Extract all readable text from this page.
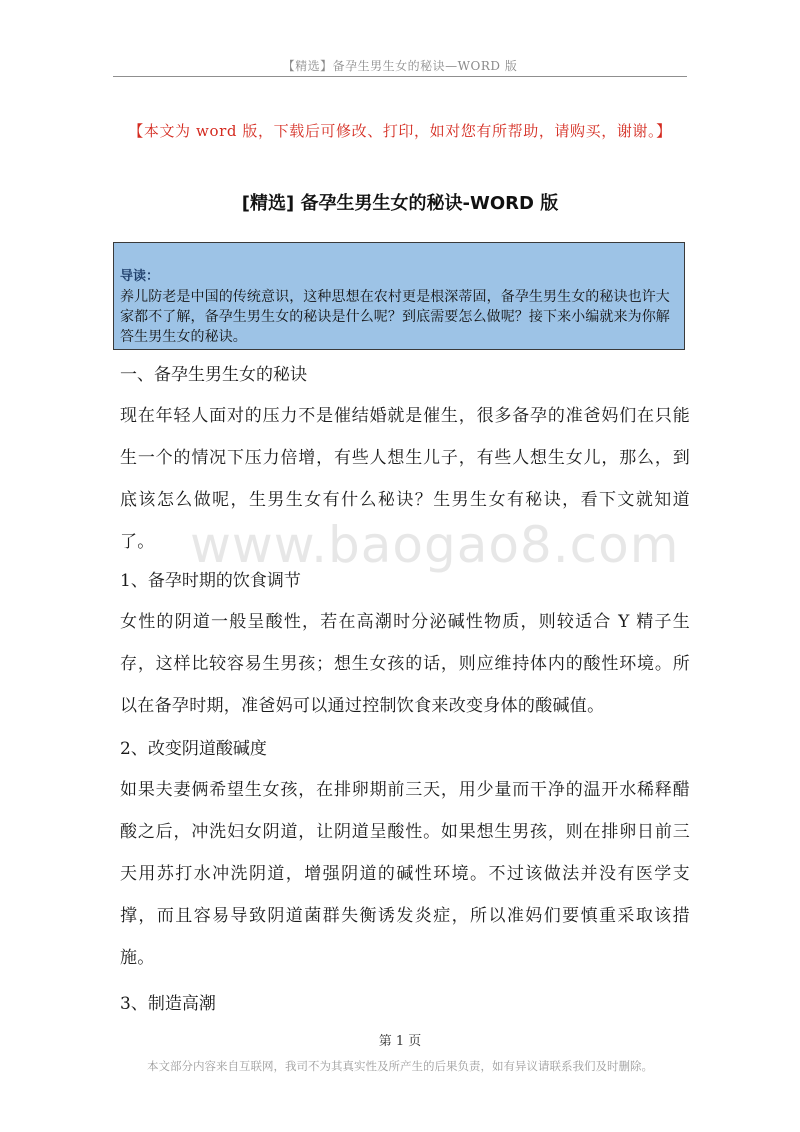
【精选】备孕生男生女的秘诀—WORD 版
【本文为 word 版，下载后可修改、打印，如对您有所帮助，请购买，谢谢。】
[精选] 备孕生男生女的秘诀-WORD 版
导读：
养儿防老是中国的传统意识，这种思想在农村更是根深蒂固，备孕生男生女的秘诀也许大家都不了解，备孕生男生女的秘诀是什么呢？到底需要怎么做呢？接下来小编就来为你解答生男生女的秘诀。
一、备孕生男生女的秘诀
现在年轻人面对的压力不是催结婚就是催生，很多备孕的准爸妈们在只能生一个的情况下压力倍增，有些人想生儿子，有些人想生女儿，那么，到底该怎么做呢，生男生女有什么秘诀？生男生女有秘诀，看下文就知道了。 www.baogao8.com
1、备孕时期的饮食调节
女性的阴道一般呈酸性，若在高潮时分泌碱性物质，则较适合 Y 精子生存，这样比较容易生男孩；想生女孩的话，则应维持体内的酸性环境。所以在备孕时期，准爸妈可以通过控制饮食来改变身体的酸碱值。
2、改变阴道酸碱度
如果夫妻俩希望生女孩，在排卵期前三天，用少量而干净的温开水稀释醋酸之后，冲洗妇女阴道，让阴道呈酸性。如果想生男孩，则在排卵日前三天用苏打水冲洗阴道，增强阴道的碱性环境。不过该做法并没有医学支撑，而且容易导致阴道菌群失衡诱发炎症，所以准妈们要慎重采取该措施。
3、制造高潮
第 1 页
本文部分内容来自互联网，我司不为其真实性及所产生的后果负责，如有异议请联系我们及时删除。
